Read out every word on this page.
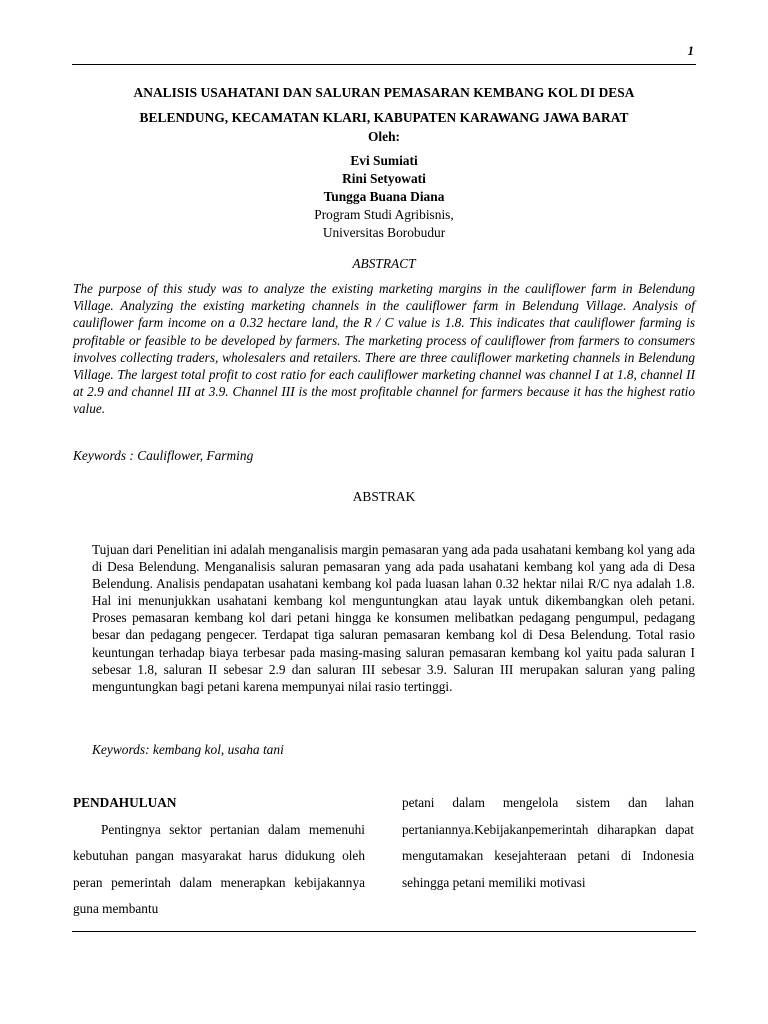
1
ANALISIS USAHATANI DAN SALURAN PEMASARAN KEMBANG KOL DI DESA
BELENDUNG, KECAMATAN KLARI, KABUPATEN KARAWANG JAWA BARAT
Oleh:
Evi Sumiati
Rini Setyowati
Tungga Buana Diana
Program Studi Agribisnis,
Universitas Borobudur
ABSTRACT

The purpose of this study was to analyze the existing marketing margins in the cauliflower farm in Belendung Village. Analyzing the existing marketing channels in the cauliflower farm in Belendung Village. Analysis of cauliflower farm income on a 0.32 hectare land, the R / C value is 1.8. This indicates that cauliflower farming is profitable or feasible to be developed by farmers. The marketing process of cauliflower from farmers to consumers involves collecting traders, wholesalers and retailers. There are three cauliflower marketing channels in Belendung Village. The largest total profit to cost ratio for each cauliflower marketing channel was channel I at 1.8, channel II at 2.9 and channel III at 3.9. Channel III is the most profitable channel for farmers because it has the highest ratio value.

Keywords : Cauliflower, Farming
ABSTRAK

Tujuan dari Penelitian ini adalah menganalisis margin pemasaran yang ada pada usahatani kembang kol yang ada di Desa Belendung. Menganalisis saluran pemasaran yang ada pada usahatani kembang kol yang ada di Desa Belendung. Analisis pendapatan usahatani kembang kol pada luasan lahan 0.32 hektar nilai R/C nya adalah 1.8. Hal ini menunjukkan usahatani kembang kol menguntungkan atau layak untuk dikembangkan oleh petani. Proses pemasaran kembang kol dari petani hingga ke konsumen melibatkan pedagang pengumpul, pedagang besar dan pedagang pengecer. Terdapat tiga saluran pemasaran kembang kol di Desa Belendung. Total rasio keuntungan terhadap biaya terbesar pada masing-masing saluran pemasaran kembang kol yaitu pada saluran I sebesar 1.8, saluran II sebesar 2.9 dan saluran III sebesar 3.9. Saluran III merupakan saluran yang paling menguntungkan bagi petani karena mempunyai nilai rasio tertinggi.

Keywords: kembang kol, usaha tani
PENDAHULUAN

Pentingnya sektor pertanian dalam memenuhi kebutuhan pangan masyarakat harus didukung oleh peran pemerintah dalam menerapkan kebijakannya guna membantu

petani dalam mengelola sistem dan lahan pertaniannya.Kebijakanpemerintah diharapkan dapat mengutamakan kesejahteraan petani di Indonesia sehingga petani memiliki motivasi
